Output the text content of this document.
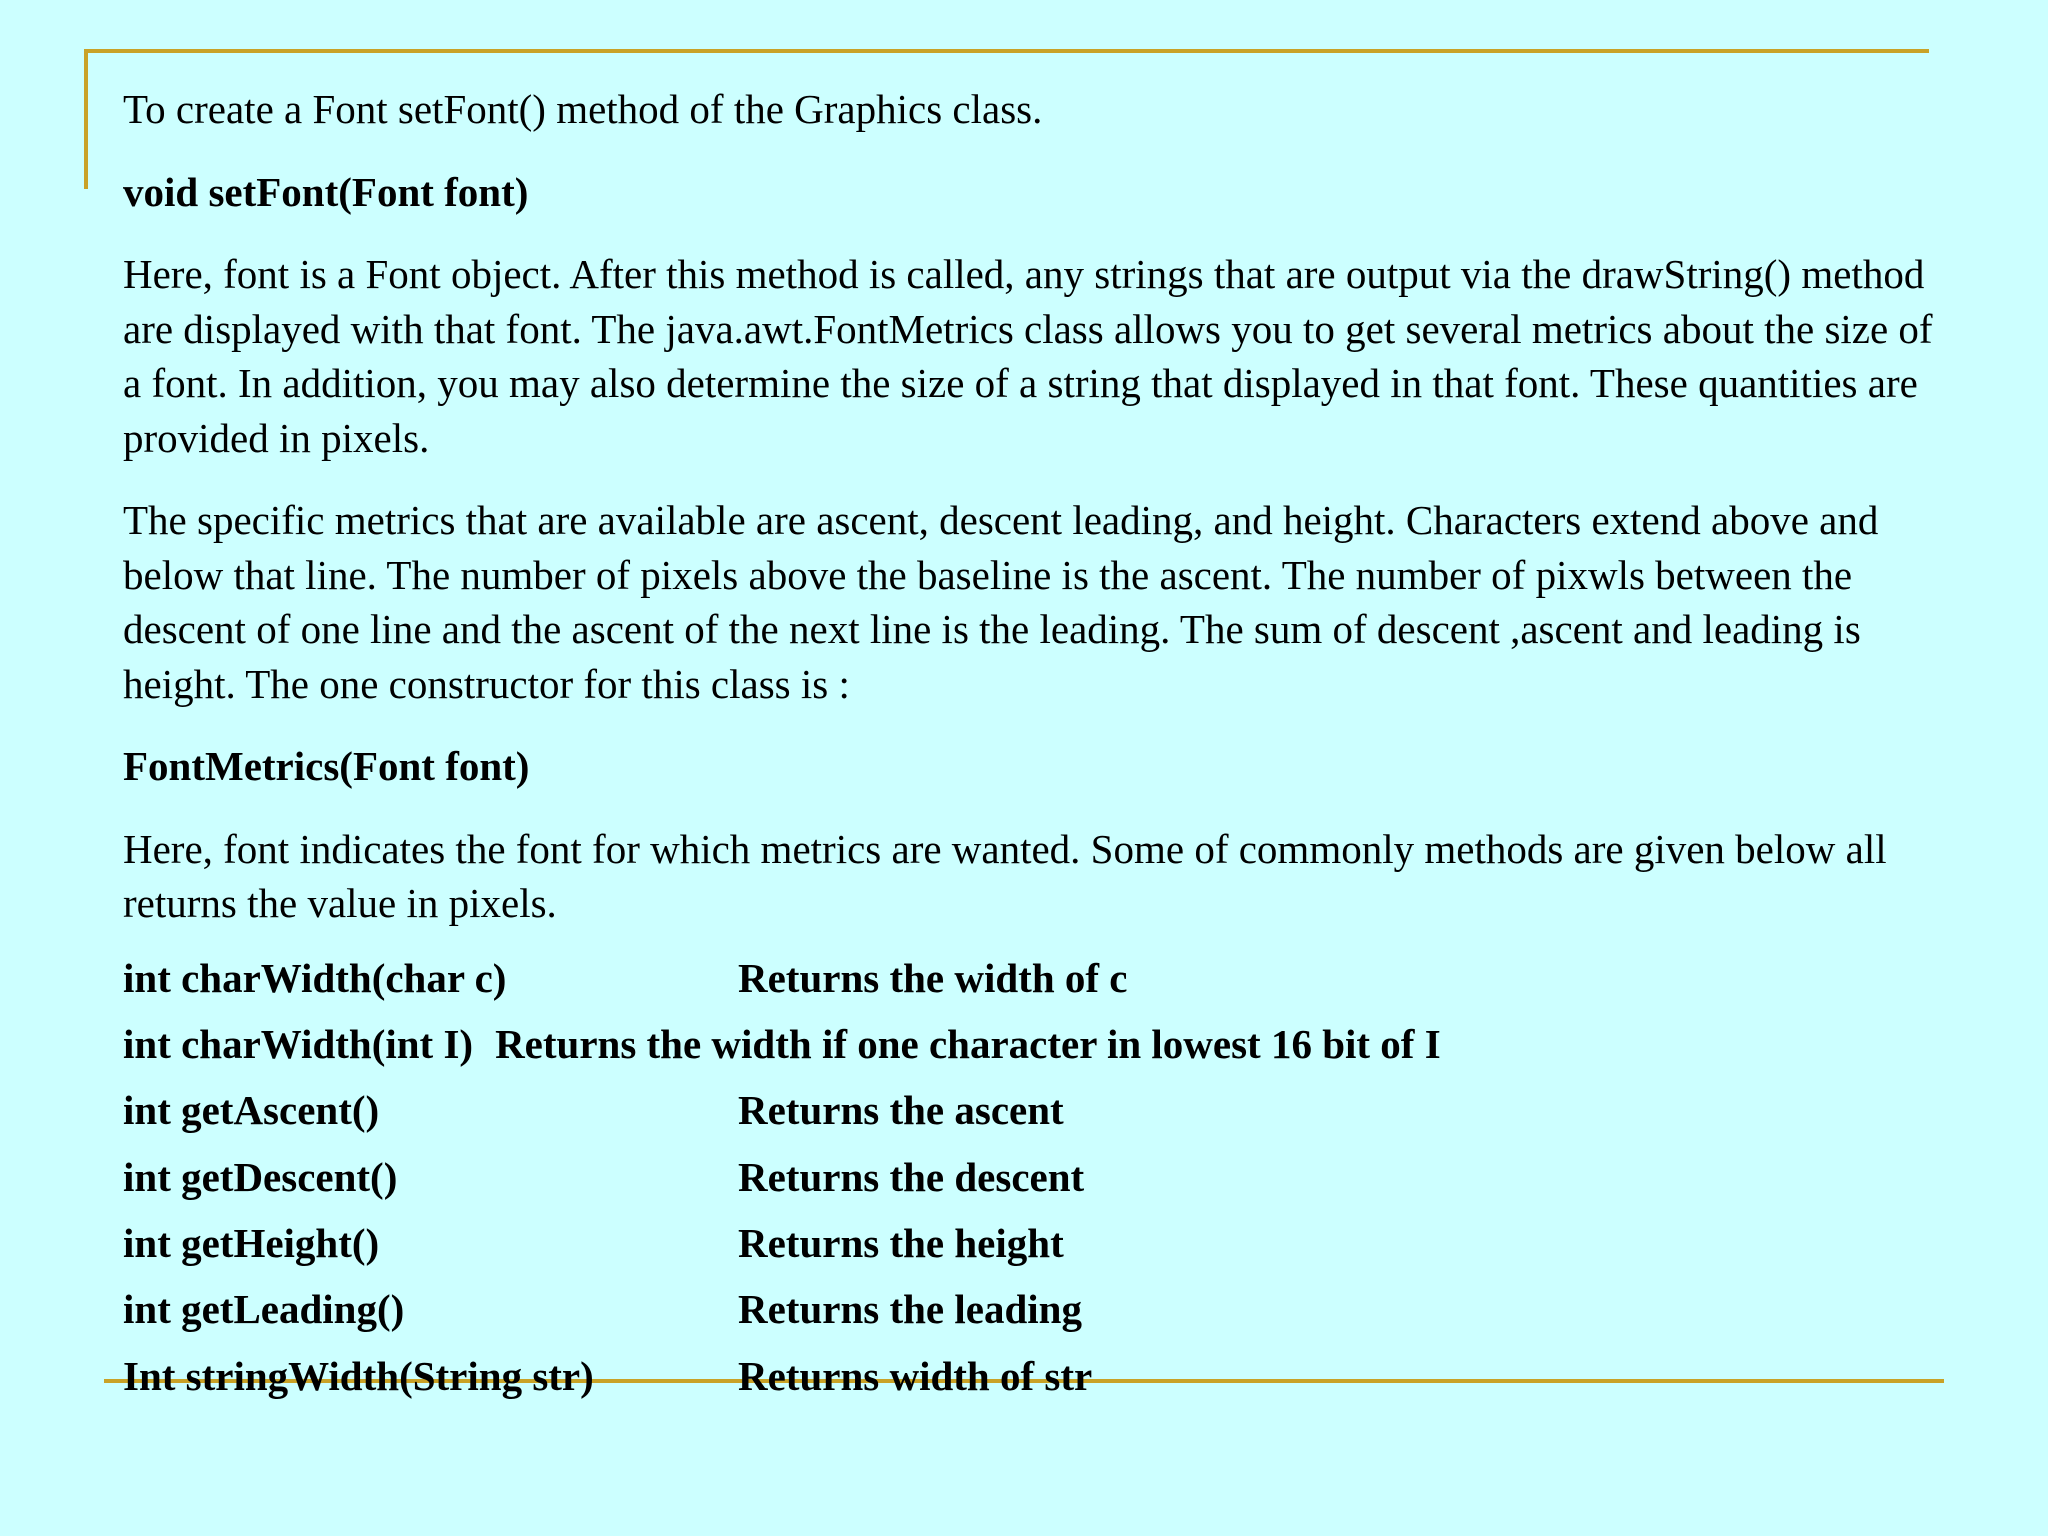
To create a Font setFont() method of the Graphics class.

void setFont(Font font)

Here, font is a Font object. After this method is called, any strings that are output via the drawString() method are displayed with that font. The java.awt.FontMetrics class allows you to get several metrics about the size of a font. In addition, you may also determine the size of a string that displayed in that font. These quantities are provided in pixels.

The specific metrics that are available are ascent, descent leading, and height. Characters extend above and below that line. The number of pixels above the baseline is the ascent. The number of pixwls between the descent of one line and the ascent of the next line is the leading. The sum of descent ,ascent and leading is height. The one constructor for this class is :

FontMetrics(Font font)

Here, font indicates the font for which metrics are wanted. Some of commonly methods are given below all returns the value in pixels.

int charWidth(char c)	Returns the width of c
int charWidth(int I) Returns the width if one character in lowest 16 bit of I
int getAscent()	Returns the ascent
int getDescent()	Returns the descent
int getHeight()	Returns the height
int getLeading()	Returns the leading
Int stringWidth(String str)	Returns width of str
